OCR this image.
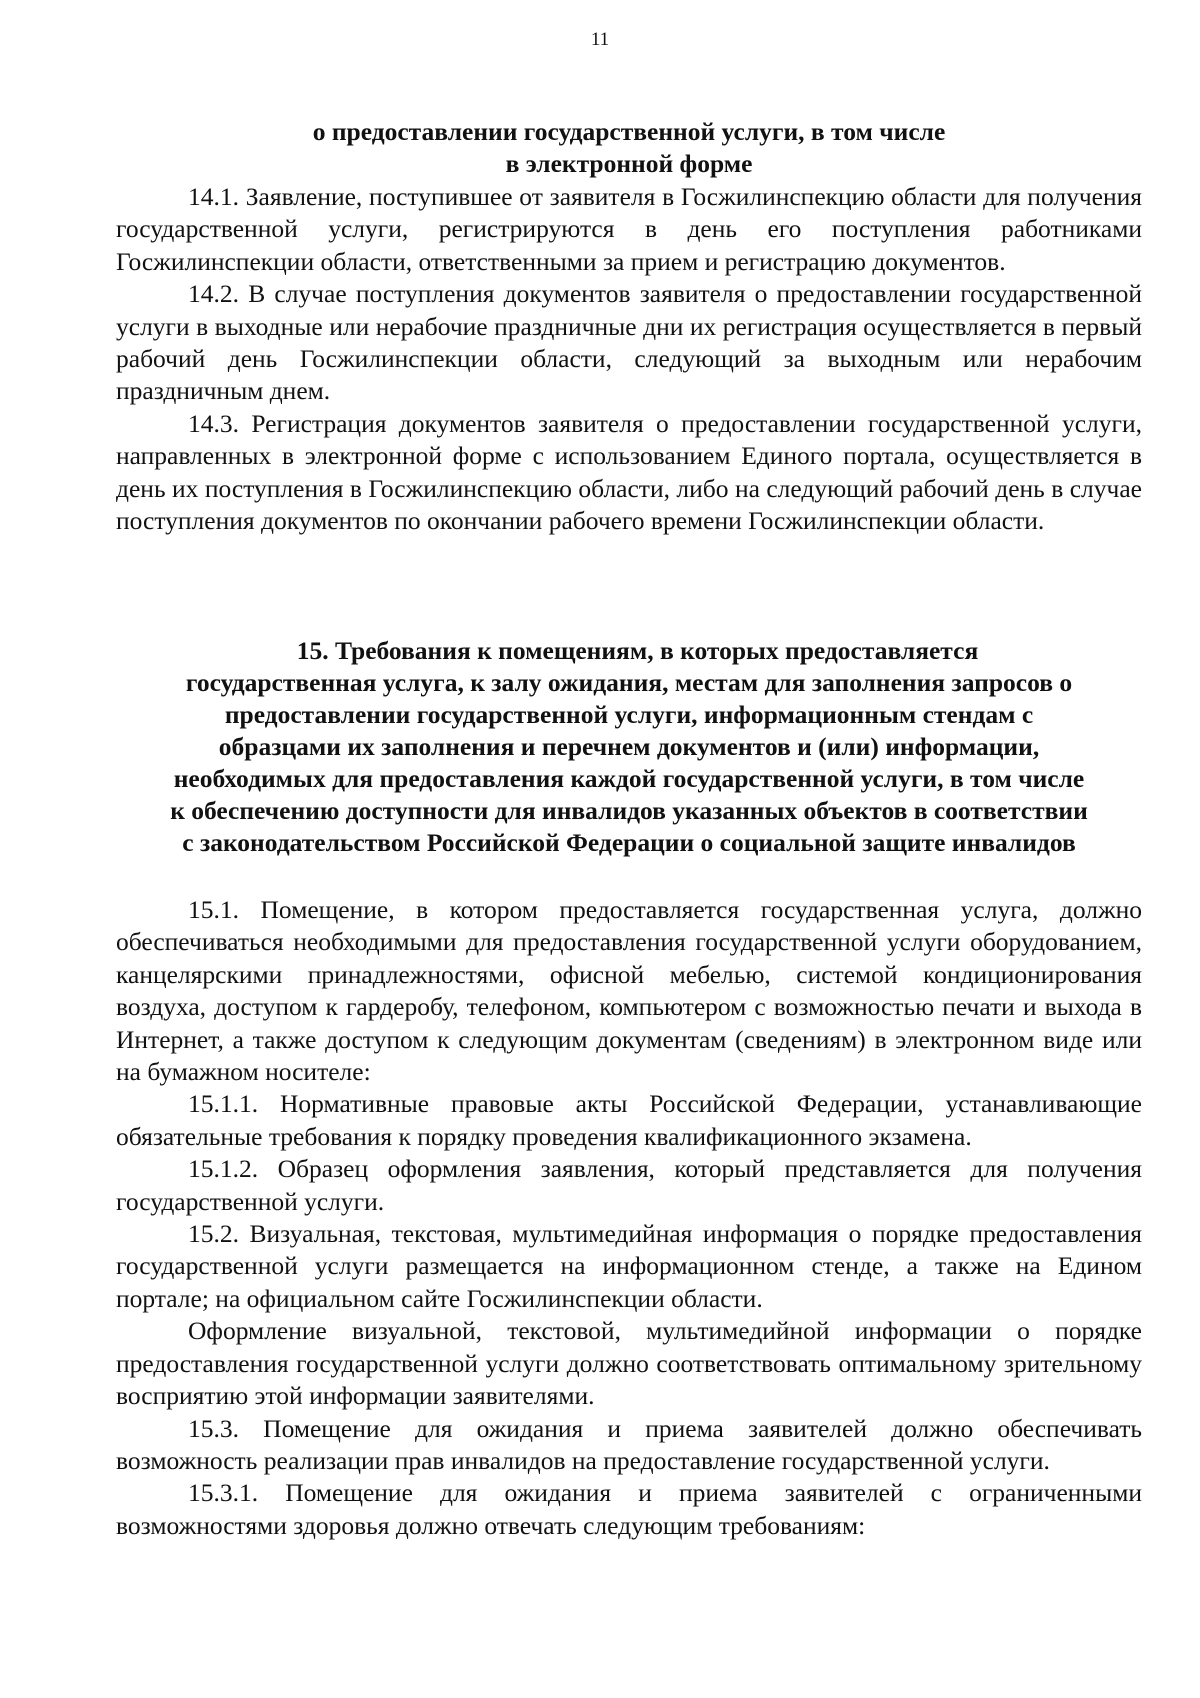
11
о предоставлении государственной услуги, в том числе
в электронной форме

14.1. Заявление, поступившее от заявителя в Госжилинспекцию области для получения государственной услуги, регистрируются в день его поступления работниками Госжилинспекции области, ответственными за прием и регистрацию документов.

14.2. В случае поступления документов заявителя о предоставлении государственной услуги в выходные или нерабочие праздничные дни их регистрация осуществляется в первый рабочий день Госжилинспекции области, следующий за выходным или нерабочим праздничным днем.

14.3. Регистрация документов заявителя о предоставлении государственной услуги, направленных в электронной форме с использованием Единого портала, осуществляется в день их поступления в Госжилинспекцию области, либо на следующий рабочий день в случае поступления документов по окончании рабочего времени Госжилинспекции области.

15. Требования к помещениям, в которых предоставляется
государственная услуга, к залу ожидания, местам для заполнения запросов о
предоставлении государственной услуги, информационным стендам с
образцами их заполнения и перечнем документов и (или) информации,
необходимых для предоставления каждой государственной услуги, в том числе
к обеспечению доступности для инвалидов указанных объектов в соответствии
с законодательством Российской Федерации о социальной защите инвалидов

15.1. Помещение, в котором предоставляется государственная услуга, должно обеспечиваться необходимыми для предоставления государственной услуги оборудованием, канцелярскими принадлежностями, офисной мебелью, системой кондиционирования воздуха, доступом к гардеробу, телефоном, компьютером с возможностью печати и выхода в Интернет, а также доступом к следующим документам (сведениям) в электронном виде или на бумажном носителе:

15.1.1. Нормативные правовые акты Российской Федерации, устанавливающие обязательные требования к порядку проведения квалификационного экзамена.

15.1.2. Образец оформления заявления, который представляется для получения государственной услуги.

15.2. Визуальная, текстовая, мультимедийная информация о порядке предоставления государственной услуги размещается на информационном стенде, а также на Едином портале; на официальном сайте Госжилинспекции области.

Оформление визуальной, текстовой, мультимедийной информации о порядке предоставления государственной услуги должно соответствовать оптимальному зрительному восприятию этой информации заявителями.

15.3. Помещение для ожидания и приема заявителей должно обеспечивать возможность реализации прав инвалидов на предоставление государственной услуги.

15.3.1. Помещение для ожидания и приема заявителей с ограниченными возможностями здоровья должно отвечать следующим требованиям:
